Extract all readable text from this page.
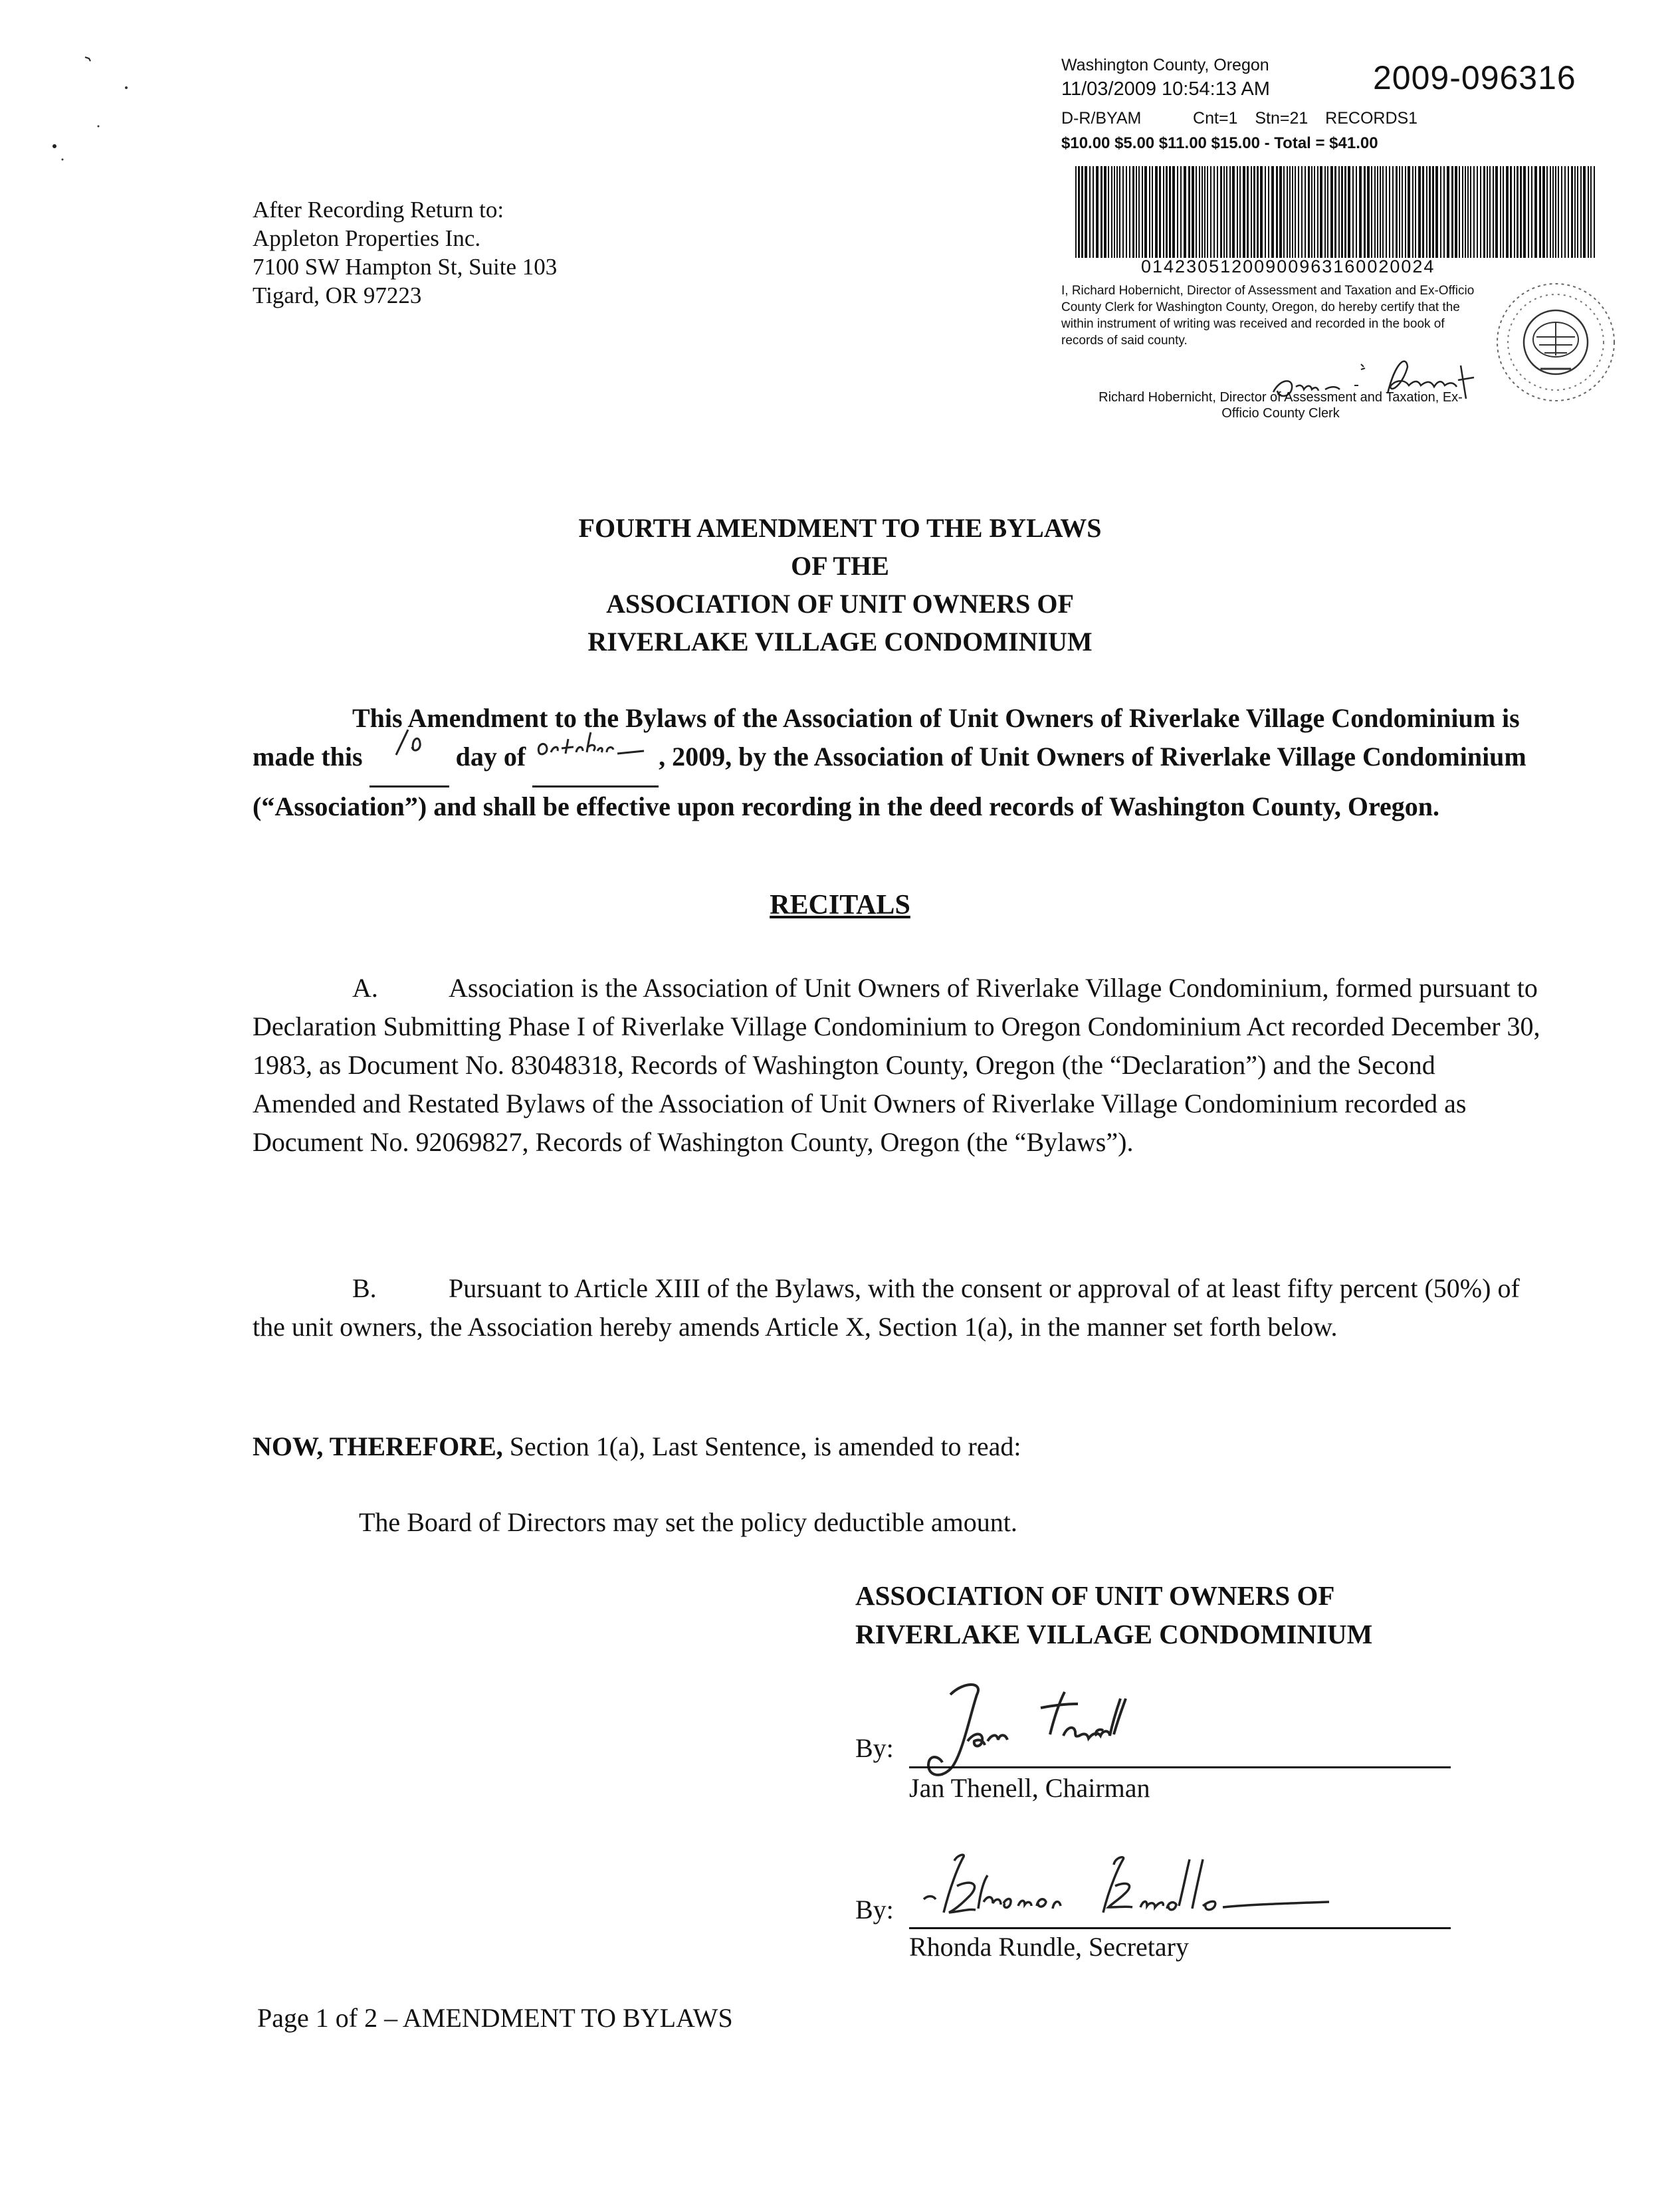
Washington County, Oregon
11/03/2009 10:54:13 AM	2009-096316
D-R/BYAM      Cnt=1  Stn=21  RECORDS1
$10.00 $5.00 $11.00 $15.00 - Total = $41.00
01423051200900963160020024
I, Richard Hobernicht, Director of Assessment and Taxation and Ex-Officio County Clerk for Washington County, Oregon, do hereby certify that the within instrument of writing was received and recorded in the book of records of said county.
Richard Hobernicht, Director of Assessment and Taxation, Ex-Officio County Clerk
After Recording Return to:
Appleton Properties Inc.
7100 SW Hampton St, Suite 103
Tigard, OR 97223
FOURTH AMENDMENT TO THE BYLAWS
OF THE
ASSOCIATION OF UNIT OWNERS OF
RIVERLAKE VILLAGE CONDOMINIUM
This Amendment to the Bylaws of the Association of Unit Owners of Riverlake Village Condominium is made this	day of	, 2009, by the Association of Unit Owners of Riverlake Village Condominium (“Association”) and shall be effective upon recording in the deed records of Washington County, Oregon.
RECITALS
A.	Association is the Association of Unit Owners of Riverlake Village Condominium, formed pursuant to Declaration Submitting Phase I of Riverlake Village Condominium to Oregon Condominium Act recorded December 30, 1983, as Document No. 83048318, Records of Washington County, Oregon (the “Declaration”) and the Second Amended and Restated Bylaws of the Association of Unit Owners of Riverlake Village Condominium recorded as Document No. 92069827, Records of Washington County, Oregon (the “Bylaws”).
B.	Pursuant to Article XIII of the Bylaws, with the consent or approval of at least fifty percent (50%) of the unit owners, the Association hereby amends Article X, Section 1(a), in the manner set forth below.
NOW, THEREFORE, Section 1(a), Last Sentence, is amended to read:
The Board of Directors may set the policy deductible amount.
ASSOCIATION OF UNIT OWNERS OF
RIVERLAKE VILLAGE CONDOMINIUM
By:
Jan Thenell, Chairman
By:
Rhonda Rundle, Secretary
Page 1 of 2 – AMENDMENT TO BYLAWS
